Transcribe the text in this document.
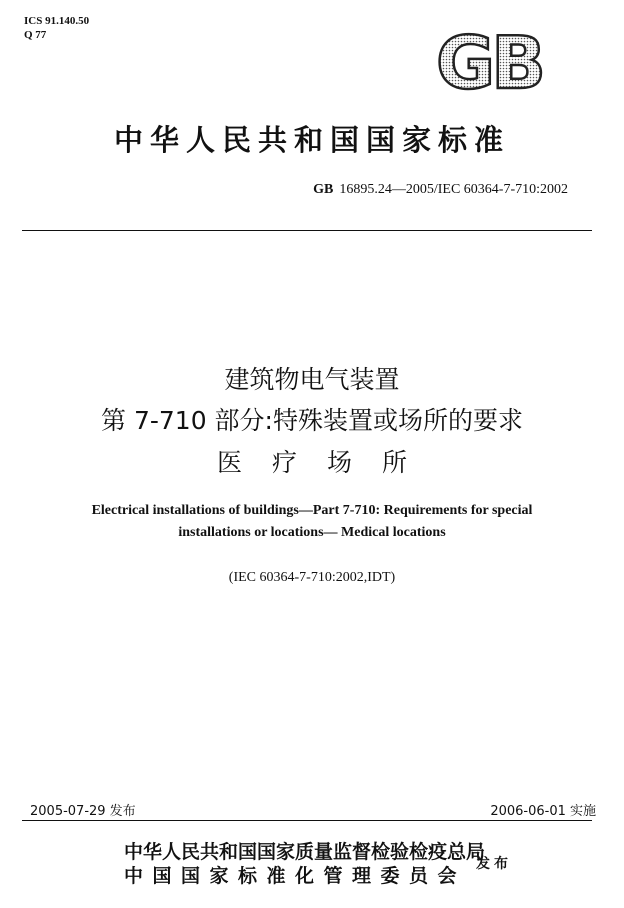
ICS 91.140.50
Q 77	GB
中华人民共和国国家标准
GB 16895.24—2005/IEC 60364-7-710:2002
建筑物电气装置
第 7-710 部分:特殊装置或场所的要求
医疗场所
Electrical installations of buildings—Part 7-710: Requirements for special
installations or locations— Medical locations
(IEC 60364-7-710:2002,IDT)
2005-07-29 发布	2006-06-01 实施
中华人民共和国国家质量监督检验检疫总局
中国国家标准化管理委员会
发布
